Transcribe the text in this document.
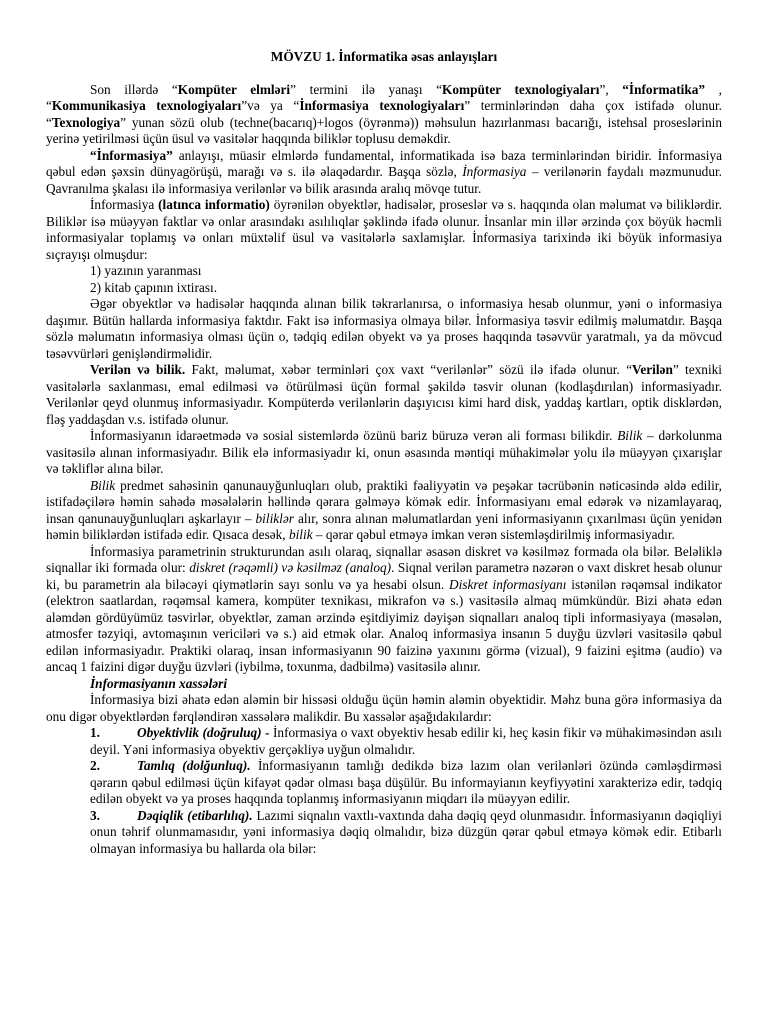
MÖVZU 1. İnformatika əsas anlayışları

Son illərdə “Kompüter elmləri” termini ilə yanaşı “Kompüter texnologiyaları”, “İnformatika” , “Kommunikasiya texnologiyaları”və ya “İnformasiya texnologiyaları” terminlərindən daha çox istifadə olunur. “Texnologiya” yunan sözü olub (techne(bacarıq)+logos (öyrənmə)) məhsulun hazırlanması bacarığı, istehsal proseslərinin yerinə yetirilməsi üçün üsul və vasitələr haqqında biliklər toplusu deməkdir.

“İnformasiya” anlayışı, müasir elmlərdə fundamental, informatikada isə baza terminlərindən biridir. İnformasiya qəbul edən şəxsin dünyagörüşü, marağı və s. ilə əlaqədardır. Başqa sözlə, İnformasiya – verilənərin faydalı məzmunudur. Qavranılma şkalası ilə informasiya verilənlər və bilik arasında aralıq mövqe tutur.

İnformasiya (latınca informatio) öyrənilən obyektlər, hadisələr, proseslər və s. haqqında olan məlumat və biliklərdir. Biliklər isə müəyyən faktlar və onlar arasındakı asılılıqlar şəklində ifadə olunur. İnsanlar min illər ərzində çox böyük həcmli informasiyalar toplamış və onları müxtəlif üsul və vasitələrlə saxlamışlar. İnformasiya tarixində iki böyük informasiya sıçrayışı olmuşdur:

1) yazının yaranması

2) kitab çapının ixtirası.

Əgər obyektlər və hadisələr haqqında alınan bilik təkrarlanırsa, o informasiya hesab olunmur, yəni o informasiya daşımır. Bütün hallarda informasiya faktdır. Fakt isə informasiya olmaya bilər. İnformasiya təsvir edilmiş məlumatdır. Başqa sözlə məlumatın informasiya olması üçün o, tədqiq edilən obyekt və ya proses haqqında təsəvvür yaratmalı, ya da mövcud təsəvvürləri genişləndirməlidir.

Verilən və bilik. Fakt, məlumat, xəbər terminləri çox vaxt “verilənlər” sözü ilə ifadə olunur. “Verilən” texniki vasitələrlə saxlanması, emal edilməsi və ötürülməsi üçün formal şəkildə təsvir olunan (kodlaşdırılan) informasiyadır. Verilənlər qeyd olunmuş informasiyadır. Kompüterdə verilənlərin daşıyıcısı kimi hard disk, yaddaş kartları, optik disklərdən, fləş yaddaşdan v.s. istifadə olunur.

İnformasiyanın idarəetmədə və sosial sistemlərdə özünü bariz büruzə verən ali forması bilikdir. Bilik – dərkolunma vasitəsilə alınan informasiyadır. Bilik elə informasiyadır ki, onun əsasında məntiqi mühakimələr yolu ilə müəyyən çıxarışlar və təkliflər alına bilər.

Bilik predmet sahəsinin qanunauyğunluqları olub, praktiki fəaliyyətin və peşəkar təcrübənin nəticəsində əldə edilir, istifadəçilərə həmin sahədə məsələlərin həllində qərara gəlməyə kömək edir. İnformasiyanı emal edərək və nizamlayaraq, insan qanunauyğunluqları aşkarlayır – biliklər alır, sonra alınan məlumatlardan yeni informasiyanın çıxarılması üçün yenidən həmin biliklərdən istifadə edir. Qısaca desək, bilik – qərar qəbul etməyə imkan verən sistemləşdirilmiş informasiyadır.

İnformasiya parametrinin strukturundan asılı olaraq, siqnallar əsasən diskret və kəsilməz formada ola bilər. Beləliklə siqnallar iki formada olur: diskret (rəqəmli) və kəsilməz (analoq). Siqnal verilən parametrə nəzərən o vaxt diskret hesab olunur ki, bu parametrin ala biləcəyi qiymətlərin sayı sonlu və ya hesabi olsun. Diskret informasiyanı istənilən rəqəmsal indikator (elektron saatlardan, rəqəmsal kamera, kompüter texnikası, mikrafon və s.) vasitəsilə almaq mümkündür. Bizi əhatə edən aləmdən gördüyümüz təsvirlər, obyektlər, zaman ərzində eşitdiyimiz dəyişən siqnalları analoq tipli informasiyaya (məsələn, atmosfer təzyiqi, avtomaşının vericiləri və s.) aid etmək olar. Analoq informasiya insanın 5 duyğu üzvləri vasitəsilə qəbul edilən informasiyadır. Praktiki olaraq, insan informasiyanın 90 faizinə yaxınını görmə (vizual), 9 faizini eşitmə (audio) və ancaq 1 faizini digər duyğu üzvləri (iybilmə, toxunma, dadbilmə) vasitəsilə alınır.

İnformasiyanın xassələri

İnformasiya bizi əhatə edən aləmin bir hissəsi olduğu üçün həmin aləmin obyektidir. Məhz buna görə informasiya da onu digər obyektlərdən fərqləndirən xassələrə malikdir. Bu xassələr aşağıdakılardır:

1.	Obyektivlik (doğruluq) - İnformasiya o vaxt obyektiv hesab edilir ki, heç kəsin fikir və mühakiməsindən asılı deyil. Yəni informasiya obyektiv gerçəkliyə uyğun olmalıdır.

2.	Tamlıq (dolğunluq). İnformasiyanın tamlığı dedikdə bizə lazım olan verilənləri özündə cəmləşdirməsi qərarın qəbul edilməsi üçün kifayət qədər olması başa düşülür. Bu informayianın keyfiyyətini xarakterizə edir, tədqiq edilən obyekt və ya proses haqqında toplanmış informasiyanın miqdarı ilə müəyyən edilir.

3.	Dəqiqlik (etibarlılıq). Lazımi siqnalın vaxtlı-vaxtında daha dəqiq qeyd olunmasıdır. İnformasiyanın dəqiqliyi onun təhrif olunmamasıdır, yəni informasiya dəqiq olmalıdır, bizə düzgün qərar qəbul etməyə kömək edir. Etibarlı olmayan informasiya bu hallarda ola bilər:
